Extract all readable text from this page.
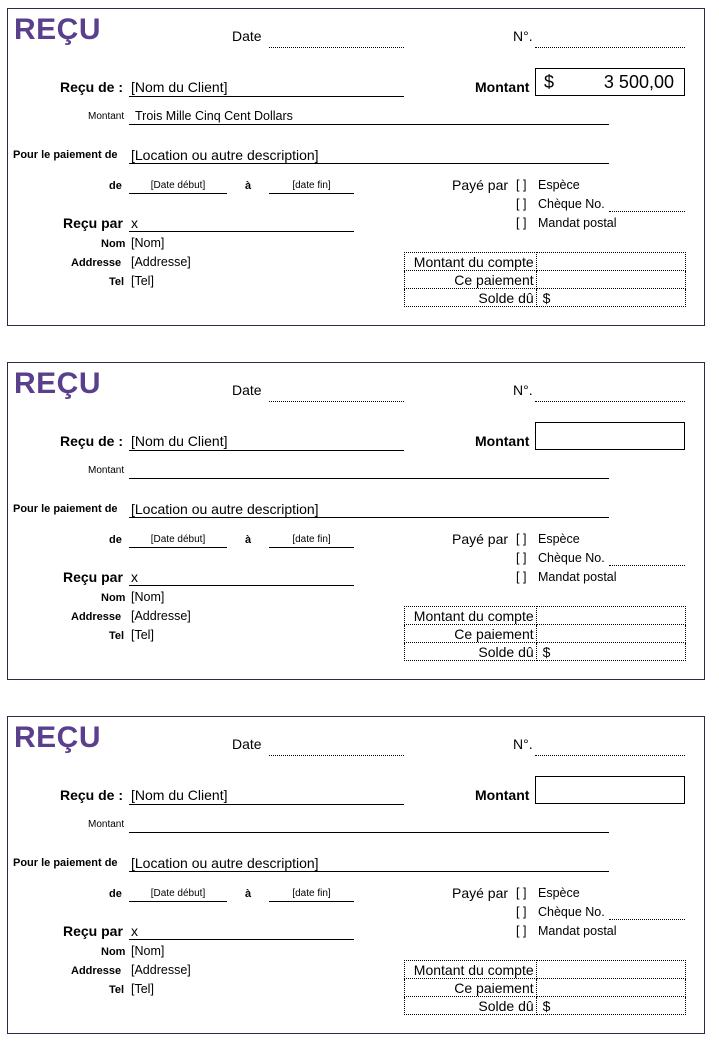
REÇU	Date	N°.
Reçu de : [Nom du Client]	Montant $	3 500,00
Montant Trois Mille Cinq Cent Dollars
Pour le paiement de [Location ou autre description]
de	[Date début]	à	[date fin]	Payé par [ ] Espèce
[ ] Chèque No.
[ ] Mandat postal
Reçu par x
Nom [Nom]
Addresse [Addresse]
Tel [Tel]
Montant du compte	
Ce paiement	
Solde dû	$
REÇU	Date	N°.
Reçu de : [Nom du Client]	Montant
Montant
Pour le paiement de [Location ou autre description]
de	[Date début]	à	[date fin]	Payé par [ ] Espèce
[ ] Chèque No.
[ ] Mandat postal
Reçu par x
Nom [Nom]
Addresse [Addresse]
Tel [Tel]
Montant du compte	
Ce paiement	
Solde dû	$
REÇU	Date	N°.
Reçu de : [Nom du Client]	Montant
Montant
Pour le paiement de [Location ou autre description]
de	[Date début]	à	[date fin]	Payé par [ ] Espèce
[ ] Chèque No.
[ ] Mandat postal
Reçu par x
Nom [Nom]
Addresse [Addresse]
Tel [Tel]
Montant du compte	
Ce paiement	
Solde dû	$
